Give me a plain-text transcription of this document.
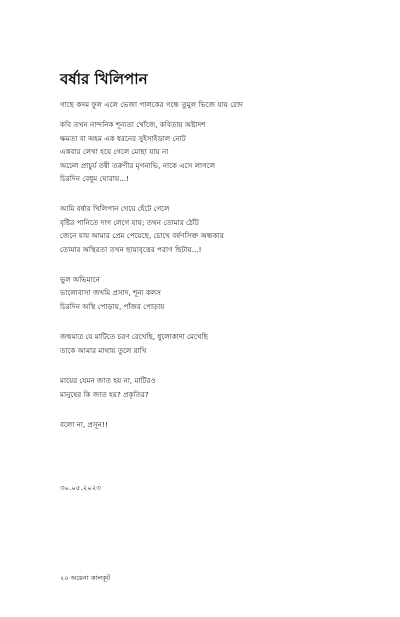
বর্ষার খিলিপান
গাছে কদম ফুল এলে ভেজা পালকের গন্ধে তুমুল ভিজে যায় রোদ
কবি তখন নান্দনিক শূন্যতা খোঁজে, কবিতায় অষ্টাদশ
ক্ষমতা বা অহম এক ধরনের সুইসাইডাল নোট
একবার লেখা হয়ে গেলে মোছা যায় না
অঢেল প্রাচুর্য তন্বী তরুণীর মৃগনাভি, নাকে এসে লাগলে
চিরদিন বেধুম ঘোরায়...!
আমি বর্ষার খিলিপান খেয়ে হেঁটে গেলে
বৃষ্টির পানিতে দাগ লেগে যায়; তখন তোমার ঠোঁট
জেনে যায় আমার প্রেম পেয়েছে, চোখে বর্ষণসিক্ত অন্ধকার
তোমার অস্থিরতা তখন ছায়াবৃত্তের পরাগ ছিটায়...!
ভুল অভিমানে
ভালোবাসা জখমি প্রসাদ, শূন্য কলস
চিরদিন অস্থি পোড়ায়, পাঁজর পোড়ায়
জন্মমাত্র যে মাটিতে চরণ রেখেছি, ধুলোকাদা মেখেছি
তাকে আমার মাথায় তুলে রাখি
মায়ের যেমন জাত হয় না, মাটিরও
মানুষের কি জাত হয়? প্রকৃতির?
বলো না, প্রসূন!!
৩০.০৫.২০২৩
২০ অয়েনা কালকূট
